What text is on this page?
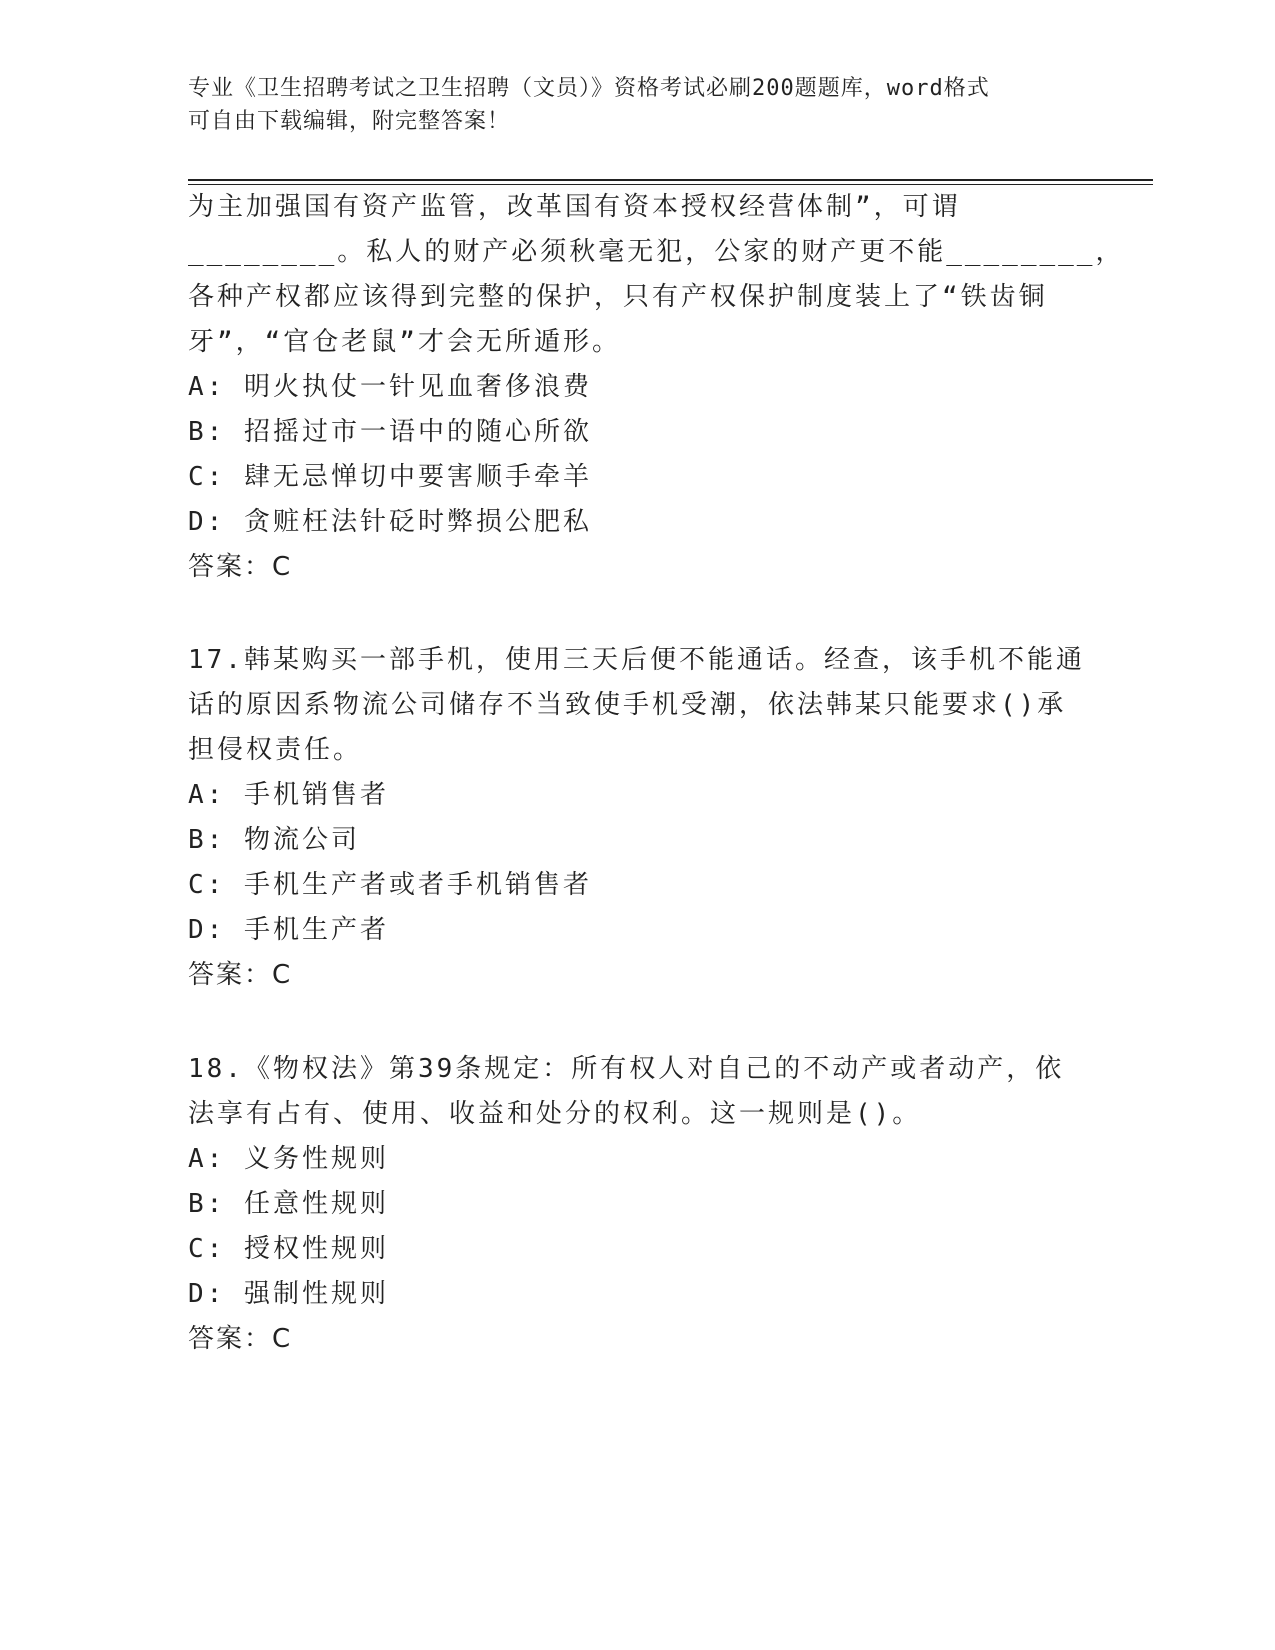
专业《卫生招聘考试之卫生招聘（文员）》资格考试必刷200题题库，word格式
可自由下载编辑，附完整答案！
为主加强国有资产监管，改革国有资本授权经营体制”，可谓
________。私人的财产必须秋毫无犯，公家的财产更不能________，
各种产权都应该得到完整的保护，只有产权保护制度装上了“铁齿铜
牙”，“官仓老鼠”才会无所遁形。
A: 明火执仗一针见血奢侈浪费
B: 招摇过市一语中的随心所欲
C: 肆无忌惮切中要害顺手牵羊
D: 贪赃枉法针砭时弊损公肥私
答案：C
17.韩某购买一部手机，使用三天后便不能通话。经查，该手机不能通
话的原因系物流公司储存不当致使手机受潮，依法韩某只能要求()承
担侵权责任。
A: 手机销售者
B: 物流公司
C: 手机生产者或者手机销售者
D: 手机生产者
答案：C
18.《物权法》第39条规定：所有权人对自己的不动产或者动产，依
法享有占有、使用、收益和处分的权利。这一规则是()。
A: 义务性规则
B: 任意性规则
C: 授权性规则
D: 强制性规则
答案：C
